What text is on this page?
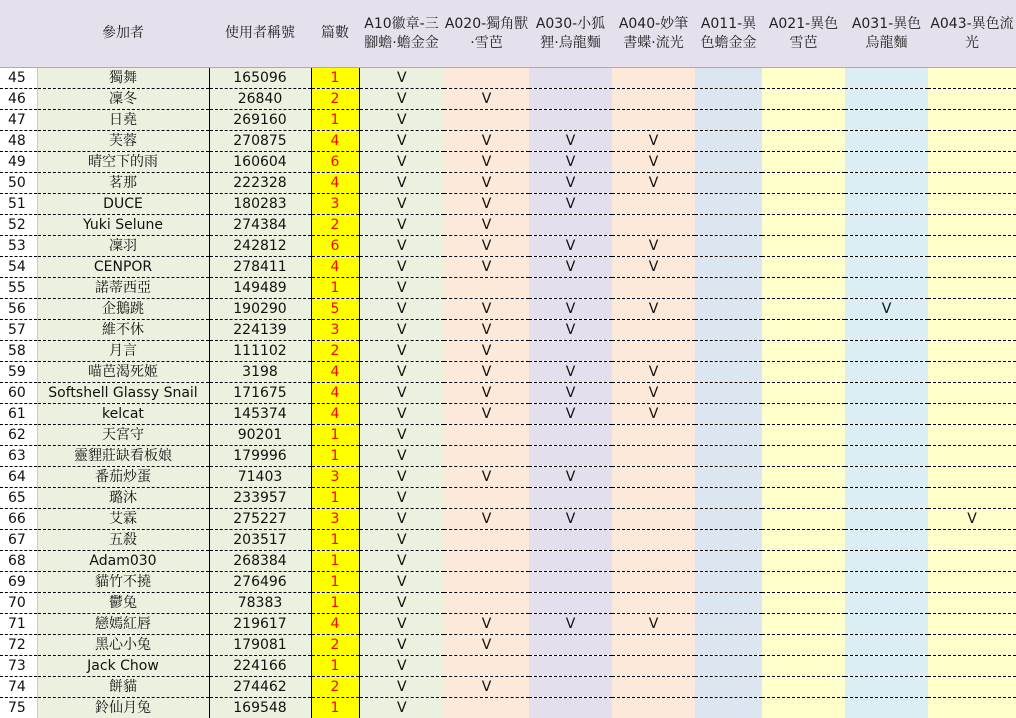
	參加者	使用者稱號	篇數	A10徽章-三腳蟾·蟾金金	A020-獨角獸·雪芭	A030-小狐狸·烏龍麵	A040-妙筆書蝶·流光	A011-異色蟾金金	A021-異色雪芭	A031-異色烏龍麵	A043-異色流光
45	獨舞	165096	1	V							
46	凜冬	26840	2	V	V						
47	日堯	269160	1	V							
48	芙蓉	270875	4	V	V	V	V				
49	晴空下的雨	160604	6	V	V	V	V				
50	茗那	222328	4	V	V	V	V				
51	DUCE	180283	3	V	V	V					
52	Yuki Selune	274384	2	V	V						
53	凜羽	242812	6	V	V	V	V				
54	CENPOR	278411	4	V	V	V	V				
55	諾蒂西亞	149489	1	V							
56	企鵝跳	190290	5	V	V	V	V			V	
57	維不休	224139	3	V	V	V					
58	月言	111102	2	V	V						
59	喵芭渴死姬	3198	4	V	V	V	V				
60	Softshell Glassy Snail	171675	4	V	V	V	V				
61	kelcat	145374	4	V	V	V	V				
62	天宮守	90201	1	V							
63	靈貍莊缺看板娘	179996	1	V							
64	番茄炒蛋	71403	3	V	V	V					
65	璐沐	233957	1	V							
66	艾霖	275227	3	V	V	V					V
67	五殺	203517	1	V							
68	Adam030	268384	1	V							
69	貓竹不撓	276496	1	V							
70	鬱兔	78383	1	V							
71	戀嫣紅唇	219617	4	V	V	V	V				
72	黑心小兔	179081	2	V	V						
73	Jack Chow	224166	1	V							
74	餅貓	274462	2	V	V						
75	鈴仙月兔	169548	1	V							
